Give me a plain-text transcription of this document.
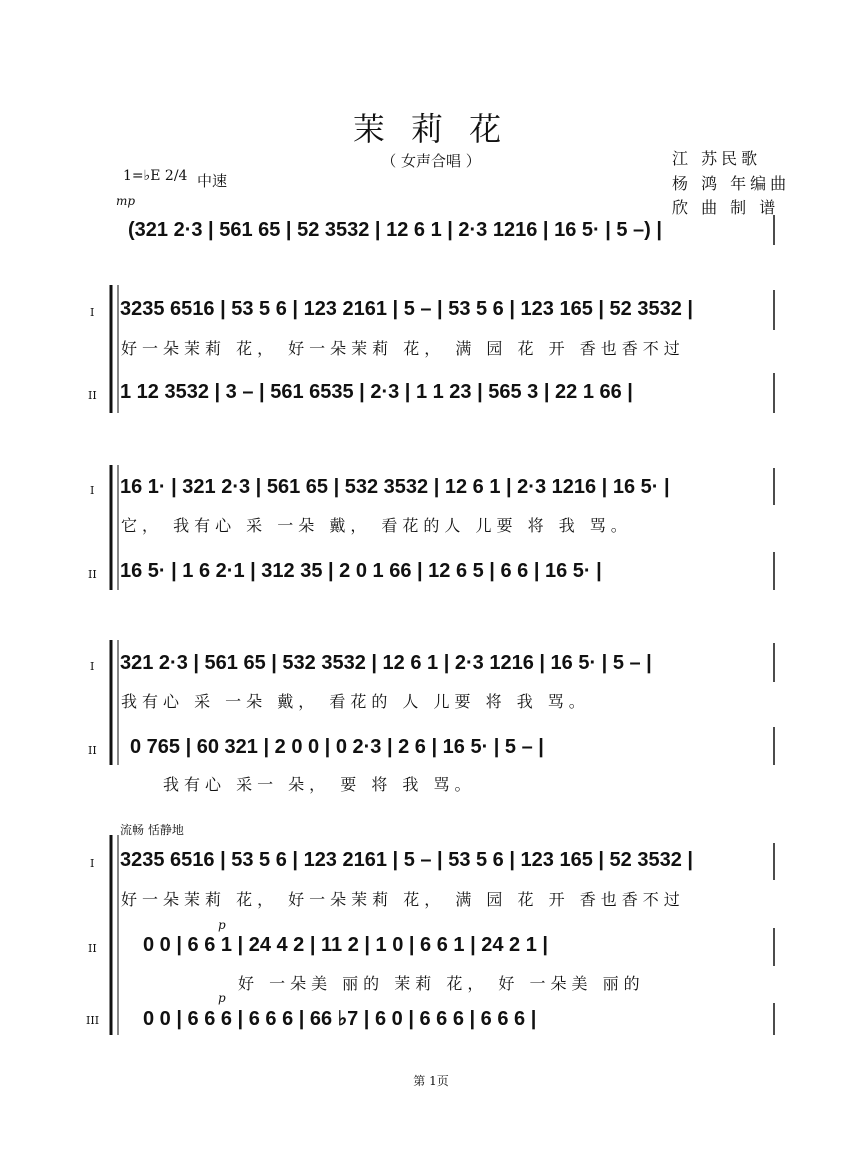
茉 莉 花
（ 女声合唱 ）	江 苏民歌
杨 鸿 年编曲
欣 曲 制 谱
1=♭E 2/4 中速
mp
(321 2·3 | 561 65 | 52 3532 | 12 6 1 | 2·3 1216 | 16 5· | 5 –) |
I 3235 6516 | 53 5 6 | 123 2161 | 5 – | 53 5 6 | 123 165 | 52 3532 |
好一朵茉莉 花， 好一朵茉莉 花， 满 园 花 开 香也香不过
II 1 12 3532 | 3 – | 561 6535 | 2·3 | 1 1 23 | 565 3 | 22 1 66 |
I 16 1· | 321 2·3 | 561 65 | 532 3532 | 12 6 1 | 2·3 1216 | 16 5· |
它， 我有心 采 一朵 戴， 看花的人 儿要 将 我 骂。
II 16 5· | 1 6 2·1 | 312 35 | 2 0 1 66 | 12 6 5 | 6 6 | 16 5· |
I 321 2·3 | 561 65 | 532 3532 | 12 6 1 | 2·3 1216 | 16 5· | 5 – |
我有心 采 一朵 戴， 看花的 人 儿要 将 我 骂。
II 0 765 | 60 321 | 2 0 0 | 0 2·3 | 2 6 | 16 5· | 5 – |
我有心 采一 朵， 要 将 我 骂。
流畅 恬静地
I 3235 6516 | 53 5 6 | 123 2161 | 5 – | 53 5 6 | 123 165 | 52 3532 |
好一朵茉莉 花， 好一朵茉莉 花， 满 园 花 开 香也香不过
II
p
0 0 | 6 6 1 | 24 4 2 | 11 2 | 1 0 | 6 6 1 | 24 2 1 |
好 一朵美 丽的 茉莉 花， 好 一朵美 丽的
III
p
0 0 | 6 6 6 | 6 6 6 | 66 ♭7 | 6 0 | 6 6 6 | 6 6 6 |
第 1页
